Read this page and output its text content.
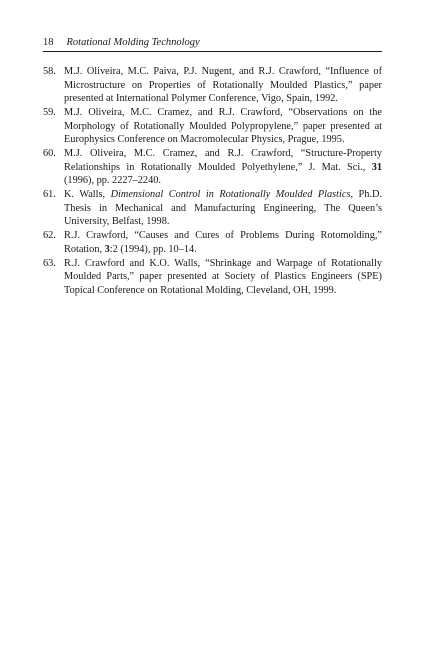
18 Rotational Molding Technology
58. M.J. Oliveira, M.C. Paiva, P.J. Nugent, and R.J. Crawford, “Influence of Microstructure on Properties of Rotationally Moulded Plastics,” paper presented at International Polymer Conference, Vigo, Spain, 1992.
59. M.J. Oliveira, M.C. Cramez, and R.J. Crawford, “Observations on the Morphology of Rotationally Moulded Polypropylene,” paper presented at Europhysics Conference on Macromolecular Physics, Prague, 1995.
60. M.J. Oliveira, M.C. Cramez, and R.J. Crawford, “Structure-Property Relationships in Rotationally Moulded Polyethylene,” J. Mat. Sci., 31 (1996), pp. 2227–2240.
61. K. Walls, Dimensional Control in Rotationally Moulded Plastics, Ph.D. Thesis in Mechanical and Manufacturing Engineering, The Queen’s University, Belfast, 1998.
62. R.J. Crawford, “Causes and Cures of Problems During Rotomolding,” Rotation, 3:2 (1994), pp. 10–14.
63. R.J. Crawford and K.O. Walls, “Shrinkage and Warpage of Rotationally Moulded Parts,” paper presented at Society of Plastics Engineers (SPE) Topical Conference on Rotational Molding, Cleveland, OH, 1999.
